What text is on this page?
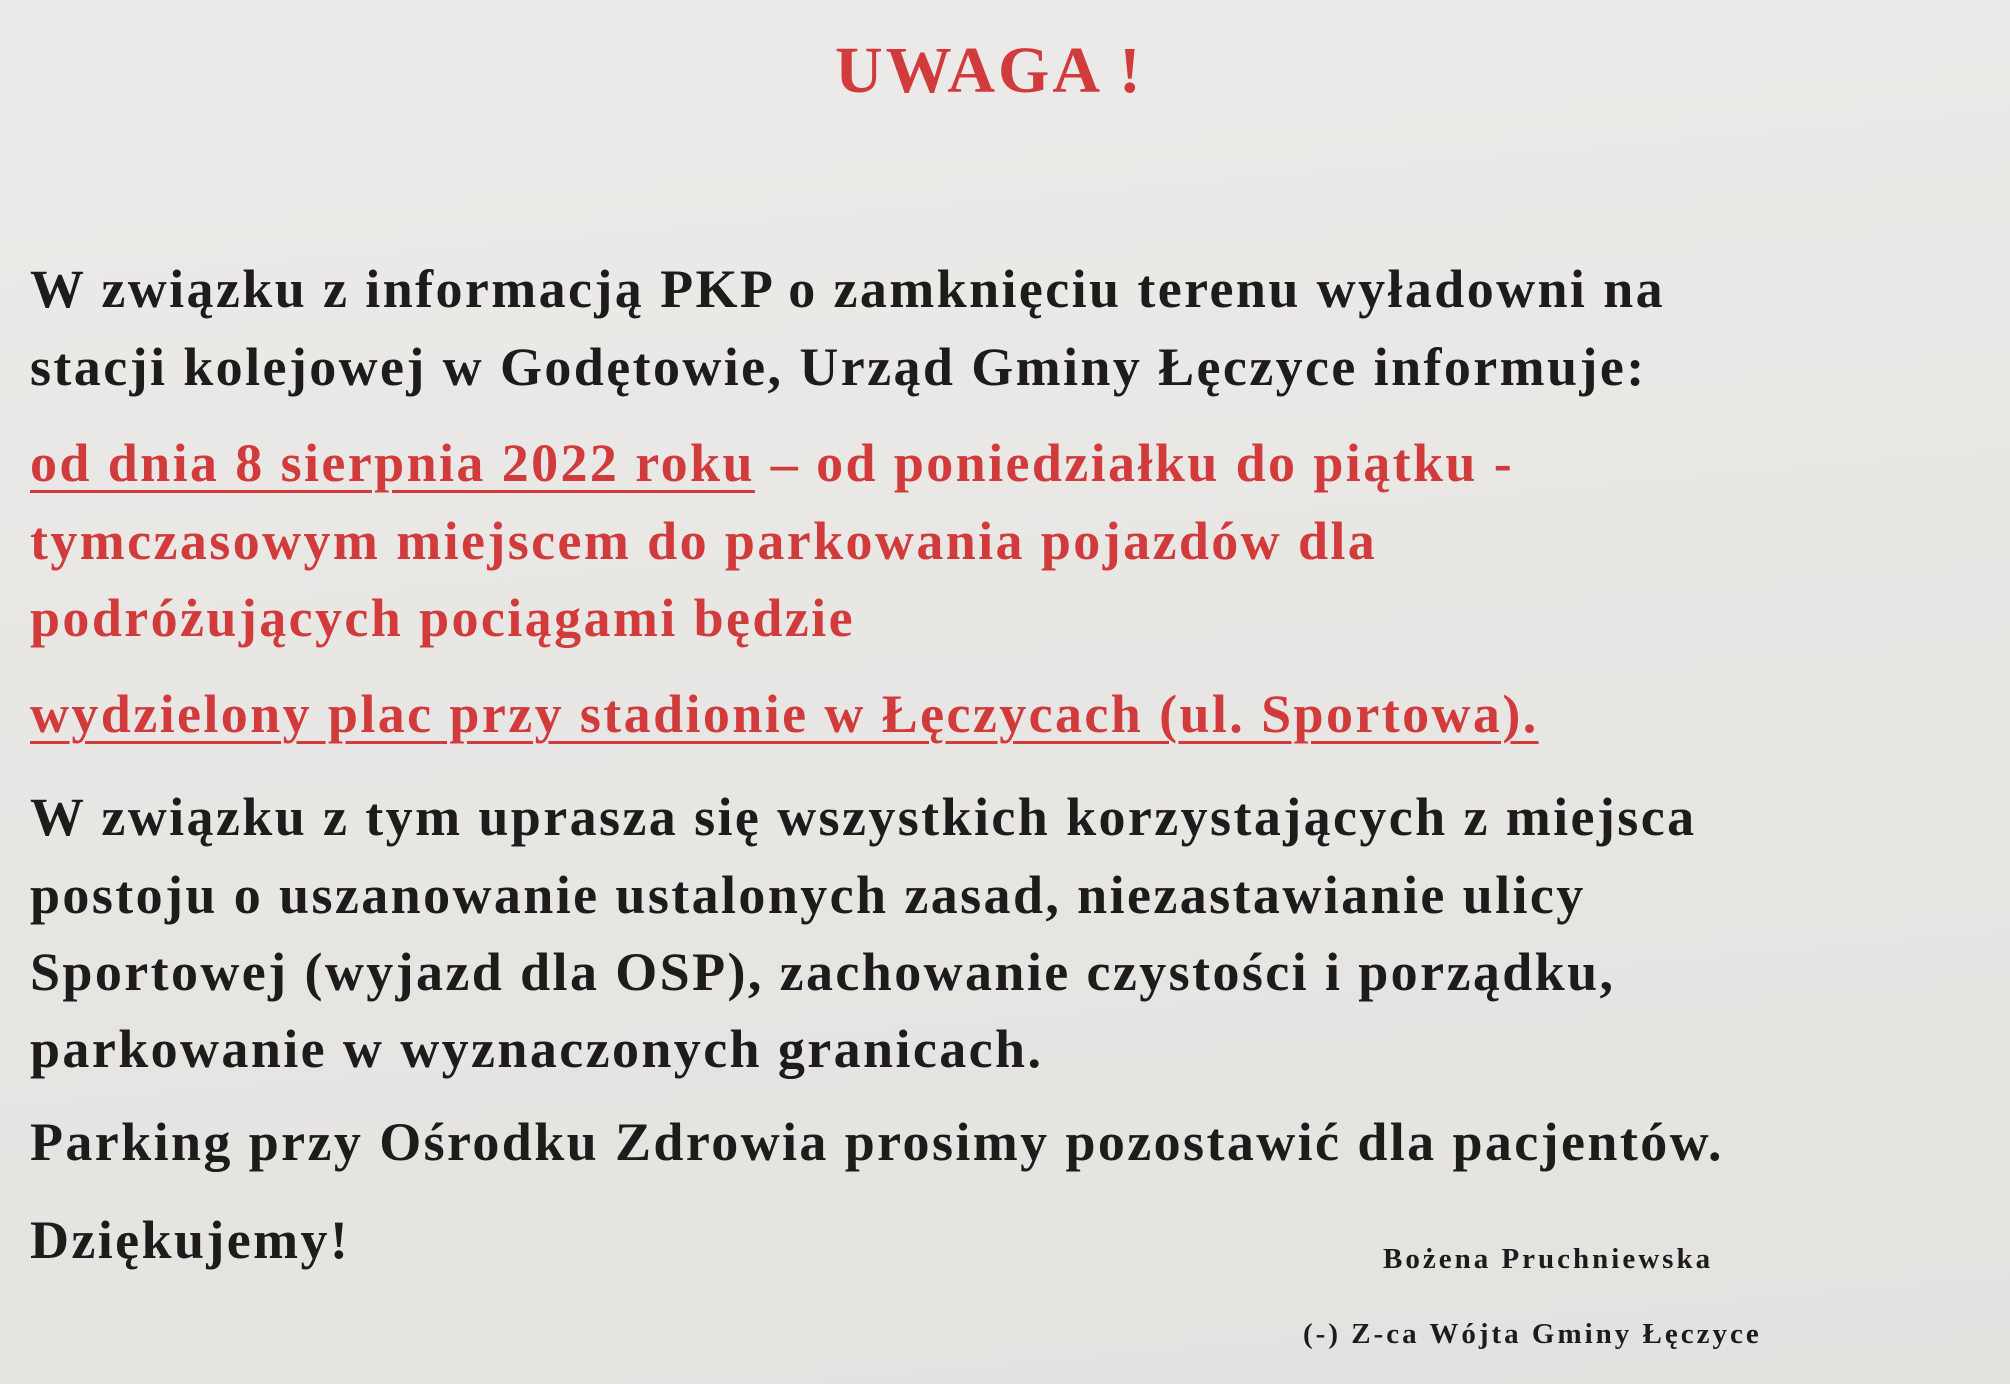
UWAGA !

W związku z informacją PKP o zamknięciu terenu wyładowni na

stacji kolejowej w Godętowie, Urząd Gminy Łęczyce informuje:

od dnia 8 sierpnia 2022 roku – od poniedziałku do piątku -

tymczasowym miejscem do parkowania pojazdów dla

podróżujących pociągami będzie

wydzielony plac przy stadionie w Łęczycach (ul. Sportowa).

W związku z tym uprasza się wszystkich korzystających z miejsca

postoju o uszanowanie ustalonych zasad, niezastawianie ulicy

Sportowej (wyjazd dla OSP), zachowanie czystości i porządku,

parkowanie w wyznaczonych granicach.

Parking przy Ośrodku Zdrowia prosimy pozostawić dla pacjentów.

Dziękujemy!	Bożena Pruchniewska

(-) Z-ca Wójta Gminy Łęczyce
